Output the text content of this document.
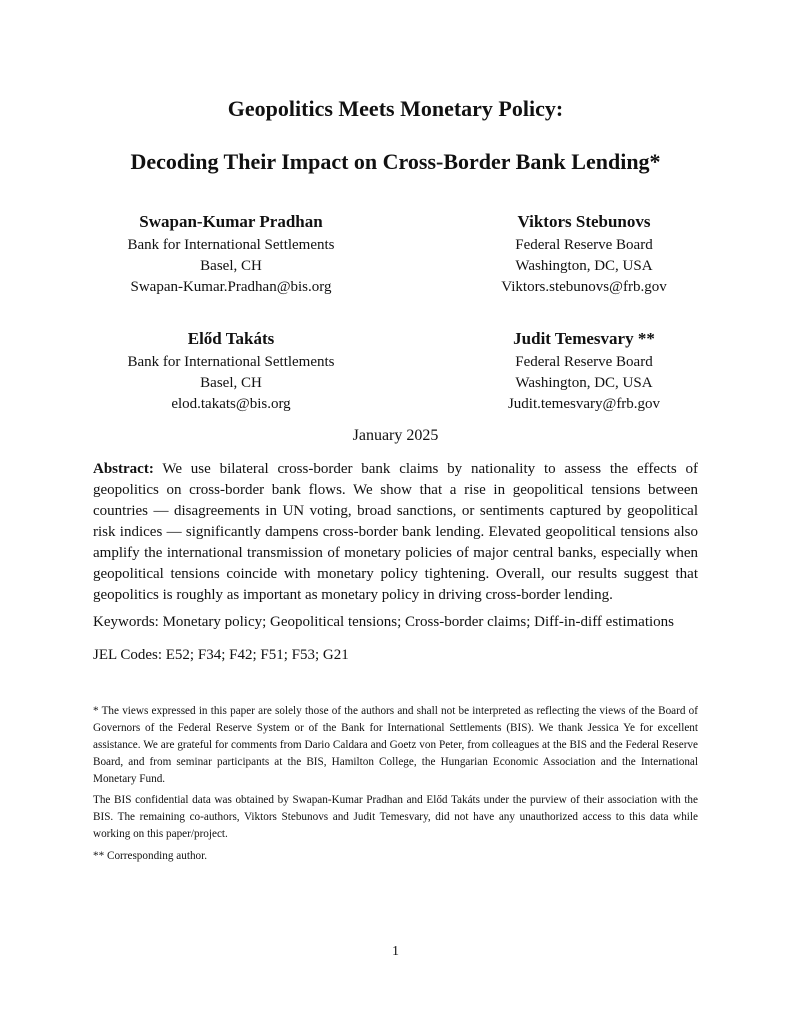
Geopolitics Meets Monetary Policy:
Decoding Their Impact on Cross-Border Bank Lending*
Swapan-Kumar Pradhan
Bank for International Settlements
Basel, CH
Swapan-Kumar.Pradhan@bis.org
Viktors Stebunovs
Federal Reserve Board
Washington, DC, USA
Viktors.stebunovs@frb.gov
Előd Takáts
Bank for International Settlements
Basel, CH
elod.takats@bis.org
Judit Temesvary **
Federal Reserve Board
Washington, DC, USA
Judit.temesvary@frb.gov
January 2025

Abstract: We use bilateral cross-border bank claims by nationality to assess the effects of geopolitics on cross-border bank flows. We show that a rise in geopolitical tensions between countries — disagreements in UN voting, broad sanctions, or sentiments captured by geopolitical risk indices — significantly dampens cross-border bank lending. Elevated geopolitical tensions also amplify the international transmission of monetary policies of major central banks, especially when geopolitical tensions coincide with monetary policy tightening. Overall, our results suggest that geopolitics is roughly as important as monetary policy in driving cross-border lending.

Keywords: Monetary policy; Geopolitical tensions; Cross-border claims; Diff-in-diff estimations

JEL Codes: E52; F34; F42; F51; F53; G21

* The views expressed in this paper are solely those of the authors and shall not be interpreted as reflecting the views of the Board of Governors of the Federal Reserve System or of the Bank for International Settlements (BIS). We thank Jessica Ye for excellent assistance. We are grateful for comments from Dario Caldara and Goetz von Peter, from colleagues at the BIS and the Federal Reserve Board, and from seminar participants at the BIS, Hamilton College, the Hungarian Economic Association and the International Monetary Fund.

The BIS confidential data was obtained by Swapan-Kumar Pradhan and Előd Takáts under the purview of their association with the BIS. The remaining co-authors, Viktors Stebunovs and Judit Temesvary, did not have any unauthorized access to this data while working on this paper/project.

** Corresponding author.

1
